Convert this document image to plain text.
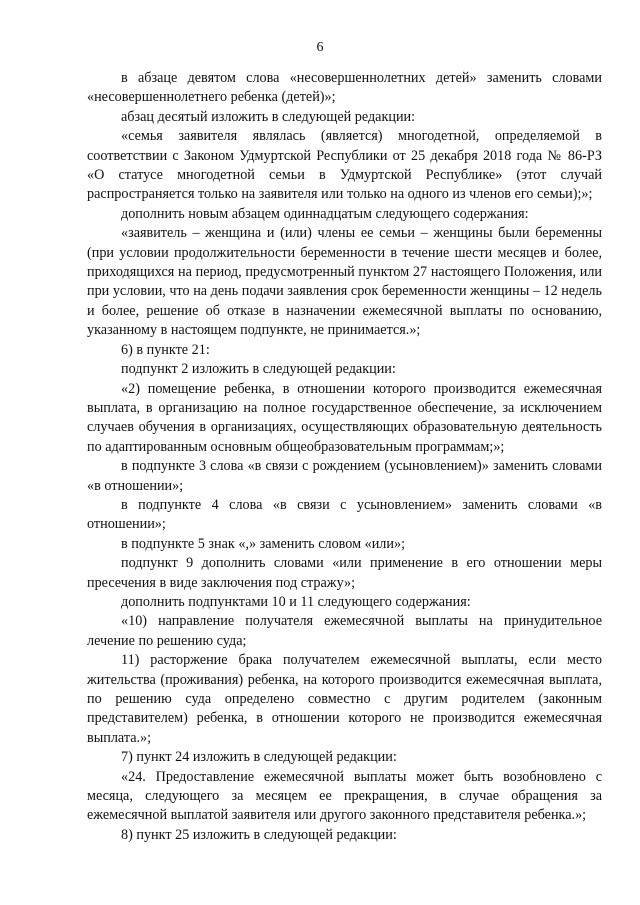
6

в абзаце девятом слова «несовершеннолетних детей» заменить словами «несовершеннолетнего ребенка (детей)»;

абзац десятый изложить в следующей редакции:

«семья заявителя являлась (является) многодетной, определяемой в соответствии с Законом Удмуртской Республики от 25 декабря 2018 года № 86-РЗ «О статусе многодетной семьи в Удмуртской Республике» (этот случай распространяется только на заявителя или только на одного из членов его семьи);»;

дополнить новым абзацем одиннадцатым следующего содержания:

«заявитель – женщина и (или) члены ее семьи – женщины были беременны (при условии продолжительности беременности в течение шести месяцев и более, приходящихся на период, предусмотренный пунктом 27 настоящего Положения, или при условии, что на день подачи заявления срок беременности женщины – 12 недель и более, решение об отказе в назначении ежемесячной выплаты по основанию, указанному в настоящем подпункте, не принимается.»;

6) в пункте 21:

подпункт 2 изложить в следующей редакции:

«2) помещение ребенка, в отношении которого производится ежемесячная выплата, в организацию на полное государственное обеспечение, за исключением случаев обучения в организациях, осуществляющих образовательную деятельность по адаптированным основным общеобразовательным программам;»;

в подпункте 3 слова «в связи с рождением (усыновлением)» заменить словами «в отношении»;

в подпункте 4 слова «в связи с усыновлением» заменить словами «в отношении»;

в подпункте 5 знак «,» заменить словом «или»;

подпункт 9 дополнить словами «или применение в его отношении меры пресечения в виде заключения под стражу»;

дополнить подпунктами 10 и 11 следующего содержания:

«10) направление получателя ежемесячной выплаты на принудительное лечение по решению суда;

11) расторжение брака получателем ежемесячной выплаты, если место жительства (проживания) ребенка, на которого производится ежемесячная выплата, по решению суда определено совместно с другим родителем (законным представителем) ребенка, в отношении которого не производится ежемесячная выплата.»;

7) пункт 24 изложить в следующей редакции:

«24. Предоставление ежемесячной выплаты может быть возобновлено с месяца, следующего за месяцем ее прекращения, в случае обращения за ежемесячной выплатой заявителя или другого законного представителя ребенка.»;

8) пункт 25 изложить в следующей редакции:
